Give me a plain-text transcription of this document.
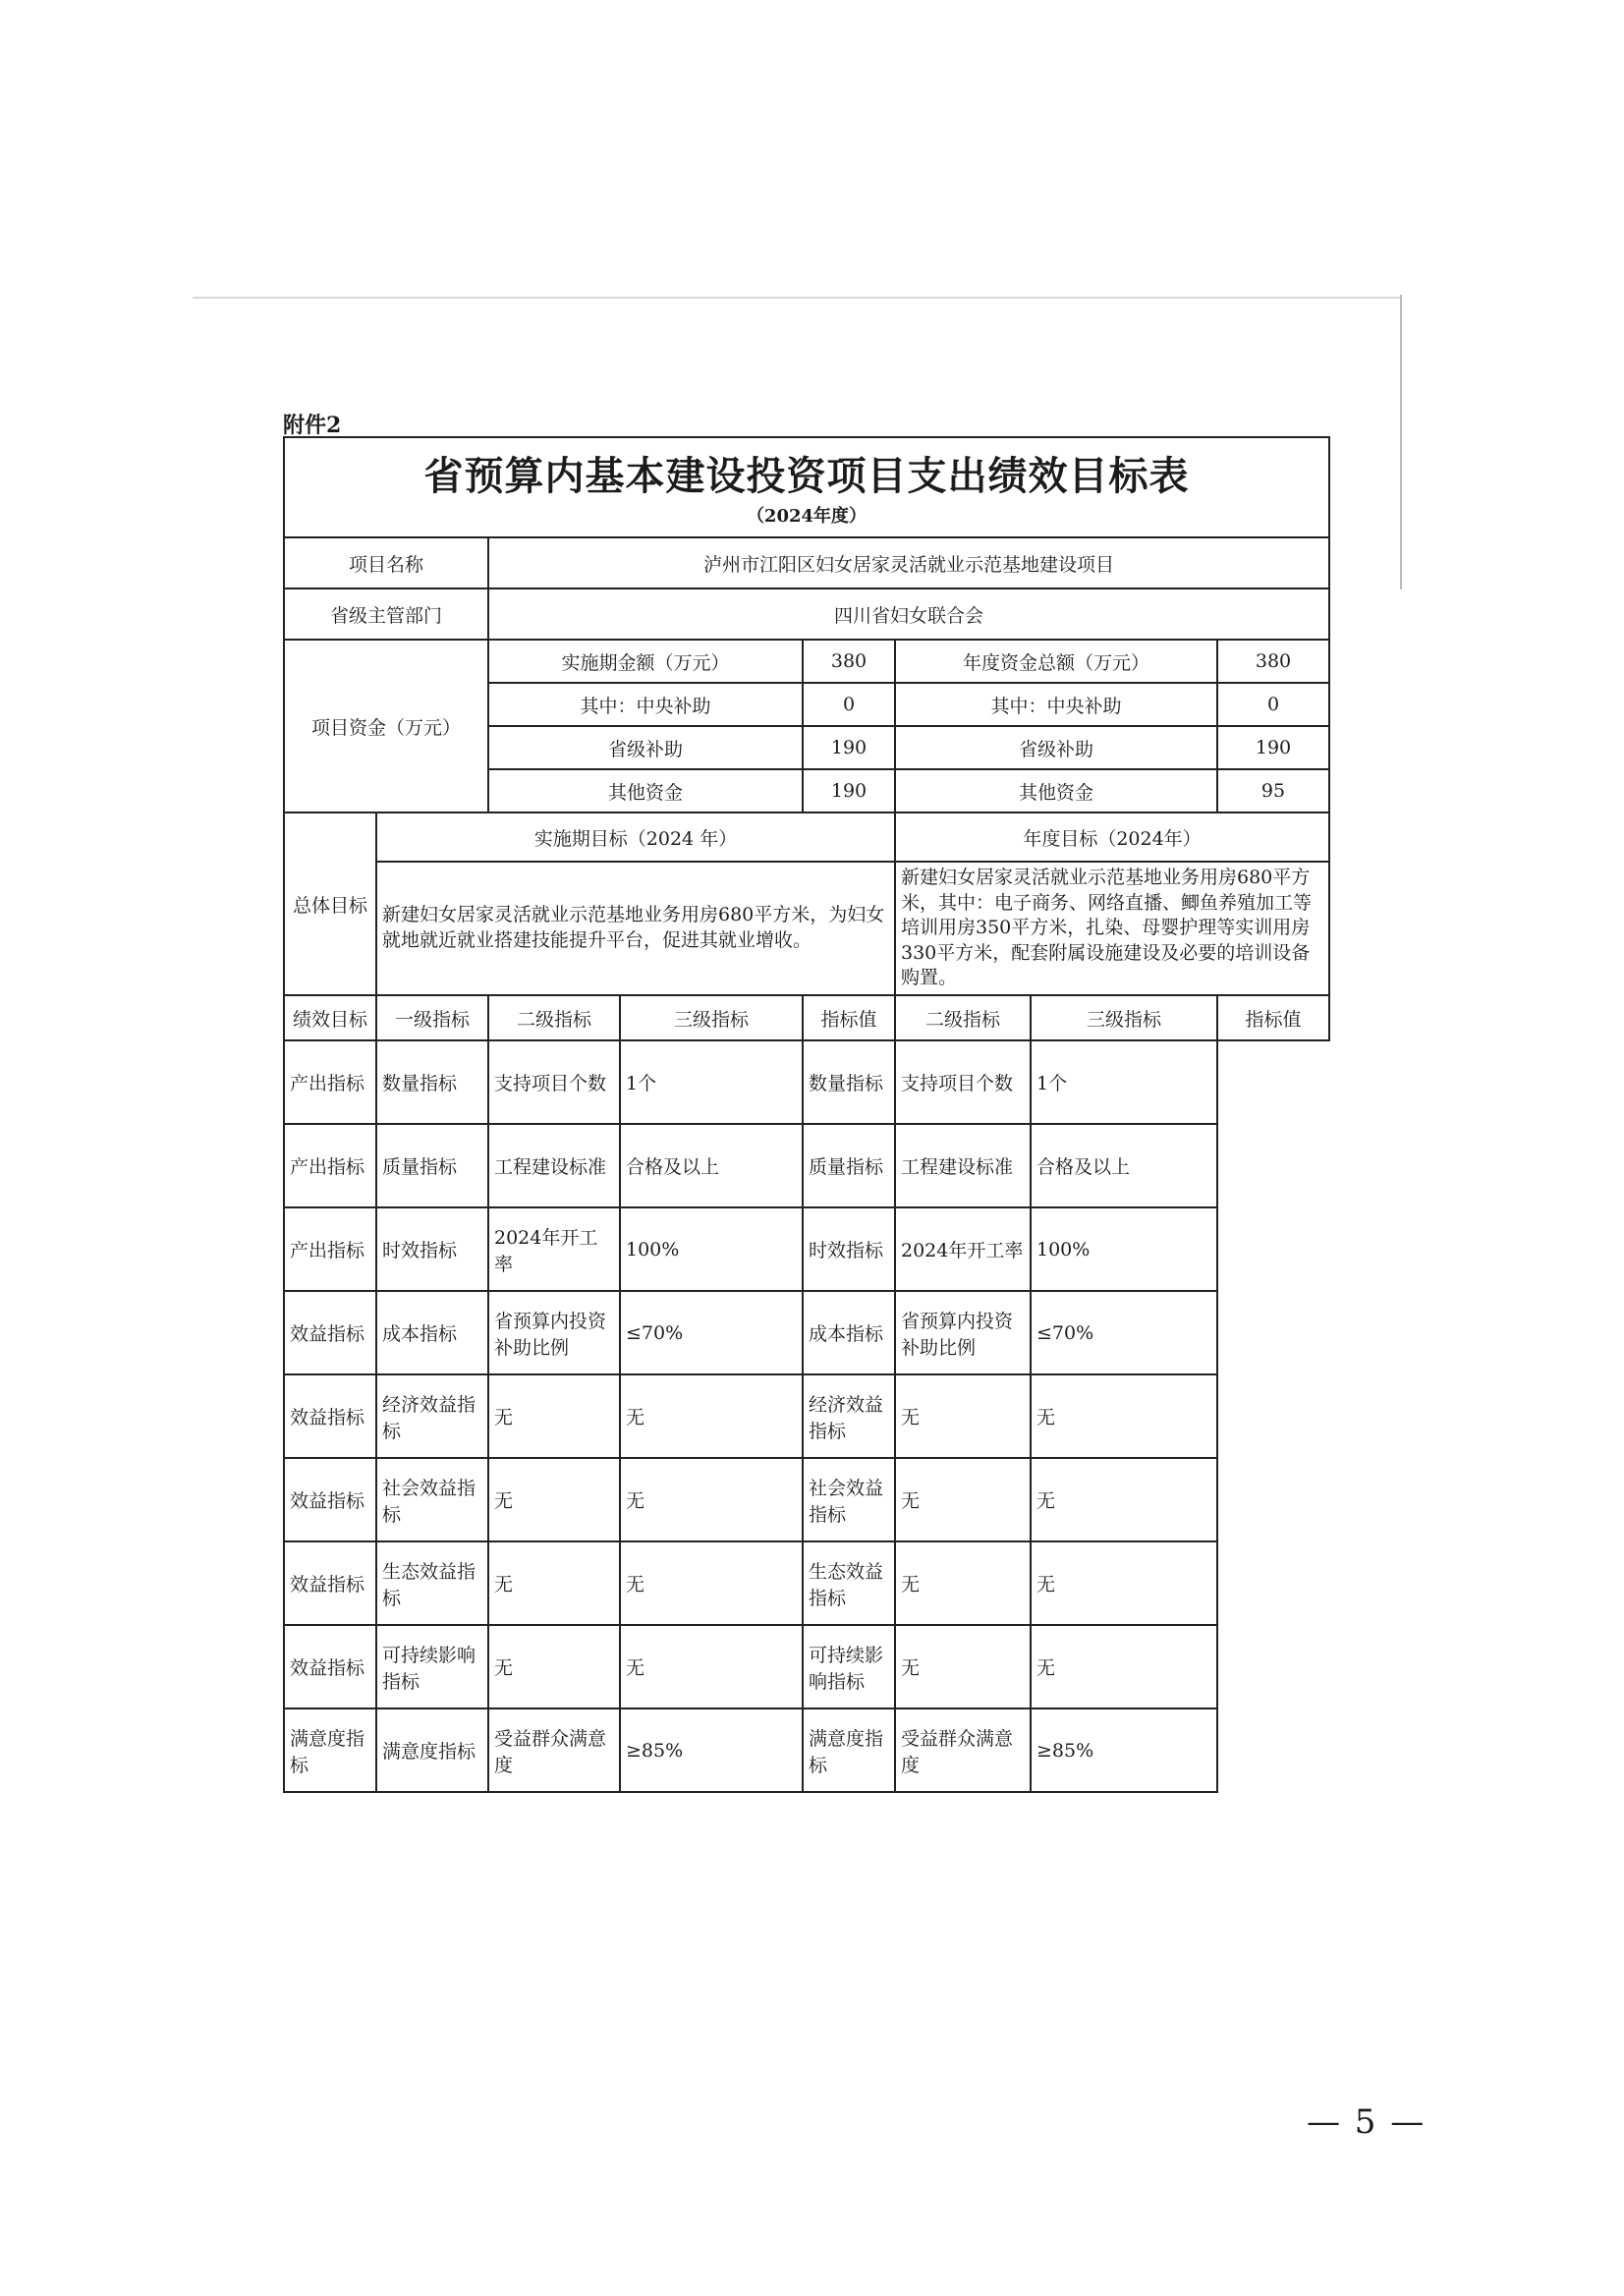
附件2
省预算内基本建设投资项目支出绩效目标表
（2024年度）							

项目名称		泸州市江阳区妇女居家灵活就业示范基地建设项目					
省级主管部门		四川省妇女联合会					
项目资金（万元）		实施期金额（万元）		380	年度资金总额（万元）		380
		其中：中央补助		0	其中：中央补助		0
		省级补助		190	省级补助		190
		其他资金		190	其他资金		95
总体目标	实施期目标（2024 年）				年度目标（2024年）		
	新建妇女居家灵活就业示范基地业务用房680平方米，为妇女就地就近就业搭建技能提升平台，促进其就业增收。				新建妇女居家灵活就业示范基地业务用房680平方米，其中：电子商务、网络直播、鲫鱼养殖加工等培训用房350平方米，扎染、母婴护理等实训用房330平方米，配套附属设施建设及必要的培训设备购置。		
绩效目标	一级指标	二级指标	三级指标	指标值	二级指标	三级指标	指标值
产出指标	数量指标	支持项目个数	1个	数量指标	支持项目个数	1个	
产出指标	质量指标	工程建设标准	合格及以上	质量指标	工程建设标准	合格及以上	
产出指标	时效指标	2024年开工率	100%	时效指标	2024年开工率	100%	
效益指标	成本指标	省预算内投资补助比例	≤70%	成本指标	省预算内投资补助比例	≤70%	
效益指标	经济效益指标	无	无	经济效益指标	无	无	
效益指标	社会效益指标	无	无	社会效益指标	无	无	
效益指标	生态效益指标	无	无	生态效益指标	无	无	
效益指标	可持续影响指标	无	无	可持续影响指标	无	无	
满意度指标	满意度指标	受益群众满意度	≥85%	满意度指标	受益群众满意度	≥85%	
— 5 —
